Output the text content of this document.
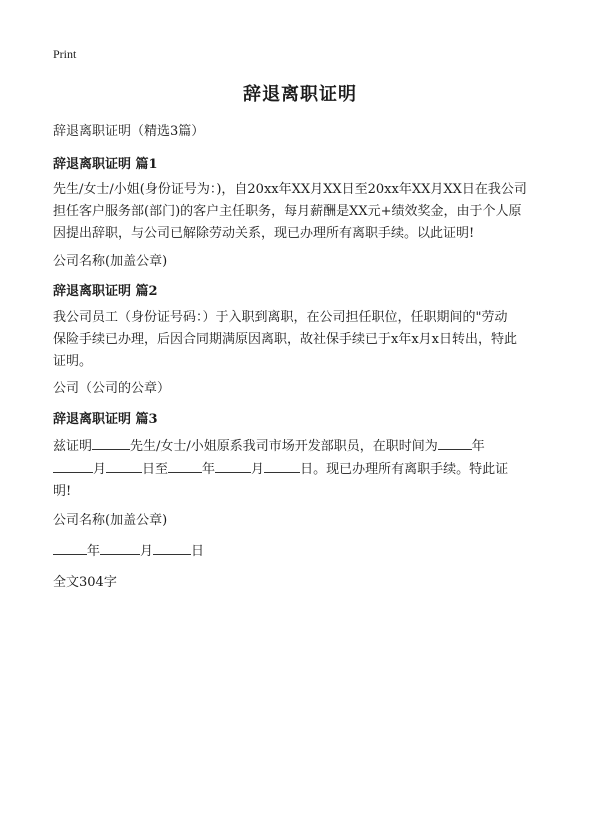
Print
辞退离职证明
辞退离职证明（精选3篇）
辞退离职证明 篇1
先生/女士/小姐(身份证号为：)，自20xx年XX月XX日至20xx年XX月XX日在我公司
担任客户服务部(部门)的客户主任职务，每月薪酬是XX元+绩效奖金，由于个人原
因提出辞职，与公司已解除劳动关系，现已办理所有离职手续。以此证明!
公司名称(加盖公章)
辞退离职证明 篇2
我公司员工（身份证号码：）于入职到离职，在公司担任职位，任职期间的"劳动
保险手续已办理，后因合同期满原因离职，故社保手续已于x年x月x日转出，特此
证明。
公司（公司的公章）
辞退离职证明 篇3
兹证明	先生/女士/小姐原系我司市场开发部职员，在职时间为	年
月	日至	年	月	日。现已办理所有离职手续。特此证
明!
公司名称(加盖公章)
年	月	日
全文304字
